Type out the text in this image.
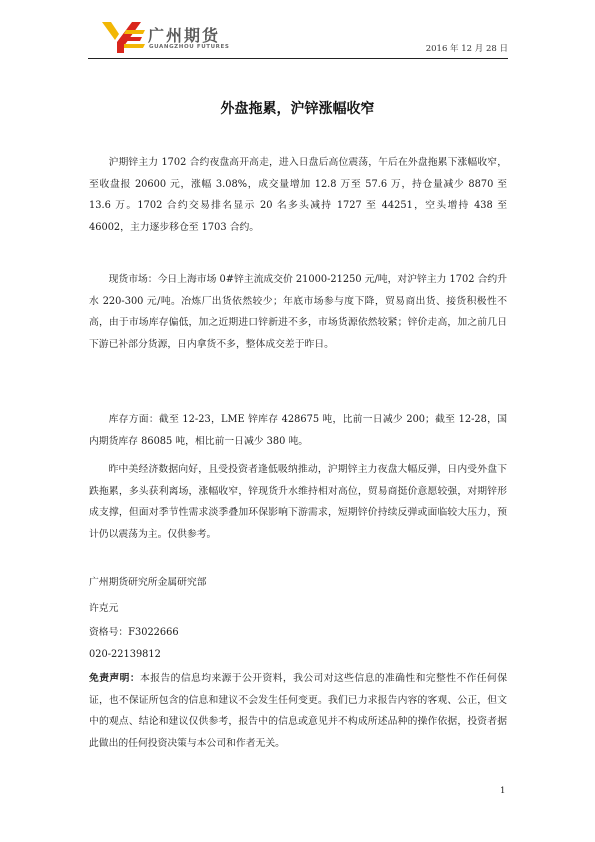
广州期货
GUANGZHOU FUTURES	2016 年 12 月 28 日
外盘拖累，沪锌涨幅收窄

沪期锌主力 1702 合约夜盘高开高走，进入日盘后高位震荡，午后在外盘拖累下涨幅收窄，至收盘报 20600 元，涨幅 3.08%，成交量增加 12.8 万至 57.6 万，持仓量减少 8870 至 13.6 万。1702 合约交易排名显示 20 名多头减持 1727 至 44251，空头增持 438 至 46002，主力逐步移仓至 1703 合约。

现货市场：今日上海市场 0#锌主流成交价 21000-21250 元/吨，对沪锌主力 1702 合约升水 220-300 元/吨。冶炼厂出货依然较少；年底市场参与度下降，贸易商出货、接货积极性不高，由于市场库存偏低，加之近期进口锌新进不多，市场货源依然较紧；锌价走高，加之前几日下游已补部分货源，日内拿货不多，整体成交差于昨日。

库存方面：截至 12-23，LME 锌库存 428675 吨，比前一日减少 200；截至 12-28，国内期货库存 86085 吨，相比前一日减少 380 吨。

昨中美经济数据向好，且受投资者逢低吸纳推动，沪期锌主力夜盘大幅反弹，日内受外盘下跌拖累，多头获利离场，涨幅收窄，锌现货升水维持相对高位，贸易商挺价意愿较强，对期锌形成支撑，但面对季节性需求淡季叠加环保影响下游需求，短期锌价持续反弹或面临较大压力，预计仍以震荡为主。仅供参考。

广州期货研究所金属研究部

许克元

资格号：F3022666

020-22139812

免责声明：本报告的信息均来源于公开资料，我公司对这些信息的准确性和完整性不作任何保证，也不保证所包含的信息和建议不会发生任何变更。我们已力求报告内容的客观、公正，但文中的观点、结论和建议仅供参考，报告中的信息或意见并不构成所述品种的操作依据，投资者据此做出的任何投资决策与本公司和作者无关。

1
